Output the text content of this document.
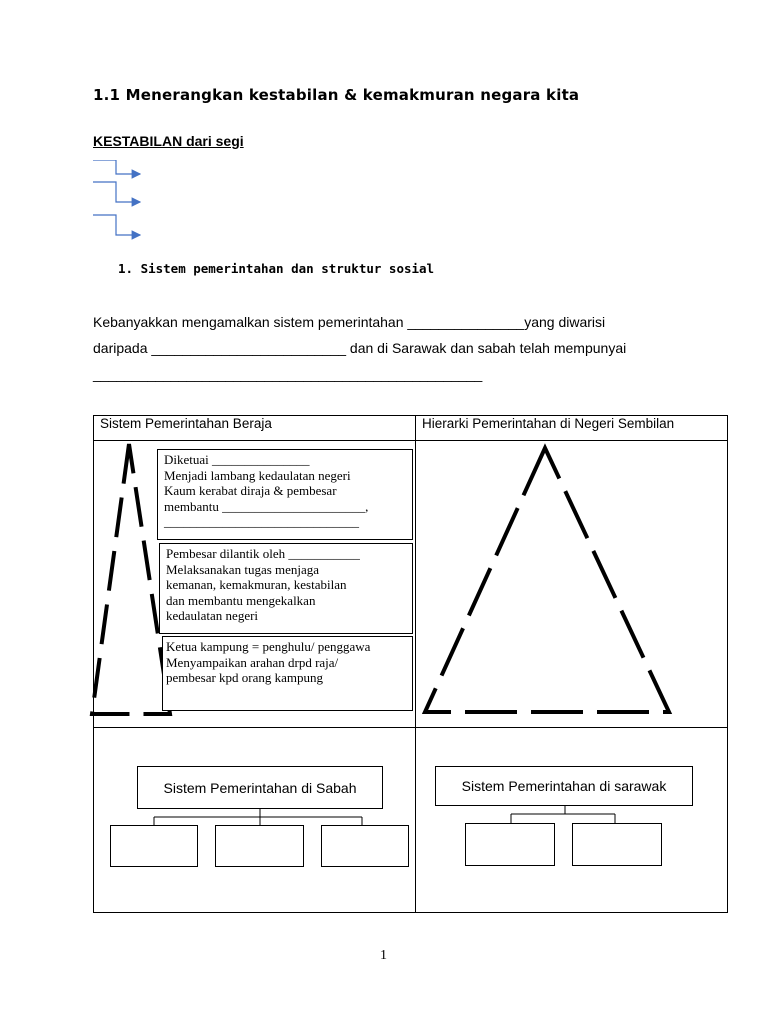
1.1 Menerangkan kestabilan & kemakmuran negara kita
KESTABILAN dari segi
1. Sistem pemerintahan dan struktur sosial
Kebanyakkan mengamalkan sistem pemerintahan _______________yang diwarisi
daripada _________________________ dan di Sarawak dan sabah telah mempunyai
__________________________________________________
Sistem Pemerintahan Beraja	Hierarki Pemerintahan di Negeri Sembilan
Diketuai _______________
Menjadi lambang kedaulatan negeri
Kaum kerabat diraja & pembesar
membantu ______________________,
______________________________
Pembesar dilantik oleh ___________
Melaksanakan tugas menjaga
kemanan, kemakmuran, kestabilan
dan membantu mengekalkan
kedaulatan negeri
Ketua kampung = penghulu/ penggawa
Menyampaikan arahan drpd raja/
pembesar kpd orang kampung
Sistem Pemerintahan di Sabah	Sistem Pemerintahan di sarawak
1
